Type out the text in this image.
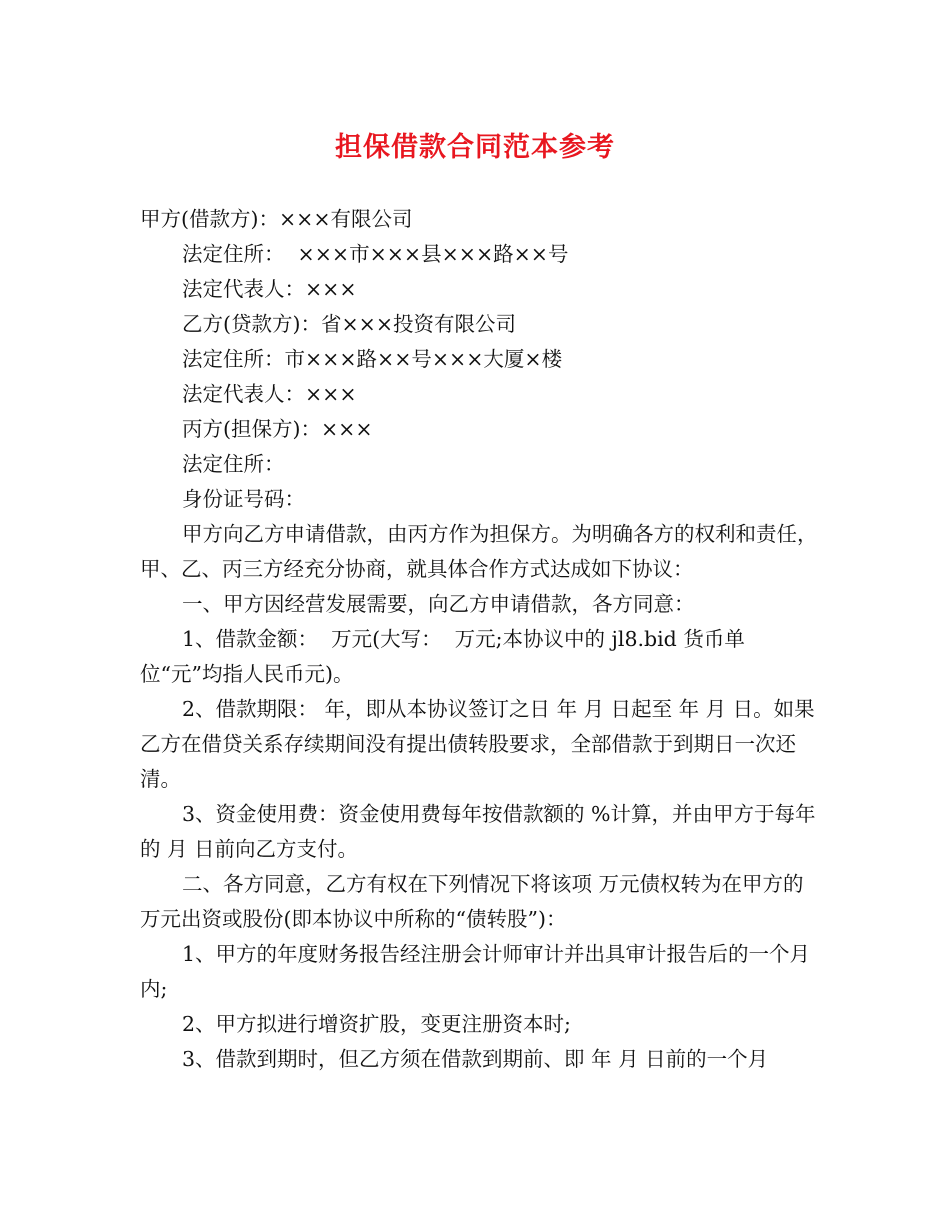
担保借款合同范本参考

甲方(借款方)：×××有限公司

法定住所：  ×××市×××县×××路××号

法定代表人：×××

乙方(贷款方)：省×××投资有限公司

法定住所：市×××路××号×××大厦×楼

法定代表人：×××

丙方(担保方)：×××

法定住所：

身份证号码：

甲方向乙方申请借款，由丙方作为担保方。为明确各方的权利和责任，甲、乙、丙三方经充分协商，就具体合作方式达成如下协议：

一、甲方因经营发展需要，向乙方申请借款，各方同意：

1、借款金额：  万元(大写：  万元;本协议中的 jl8.bid 货币单位“元”均指人民币元)。

2、借款期限： 年，即从本协议签订之日 年 月 日起至 年 月 日。如果乙方在借贷关系存续期间没有提出债转股要求，全部借款于到期日一次还清。

3、资金使用费：资金使用费每年按借款额的 %计算，并由甲方于每年的 月 日前向乙方支付。

二、各方同意，乙方有权在下列情况下将该项 万元债权转为在甲方的 万元出资或股份(即本协议中所称的“债转股”)：

1、甲方的年度财务报告经注册会计师审计并出具审计报告后的一个月内;

2、甲方拟进行增资扩股，变更注册资本时;

3、借款到期时，但乙方须在借款到期前、即 年 月 日前的一个月
